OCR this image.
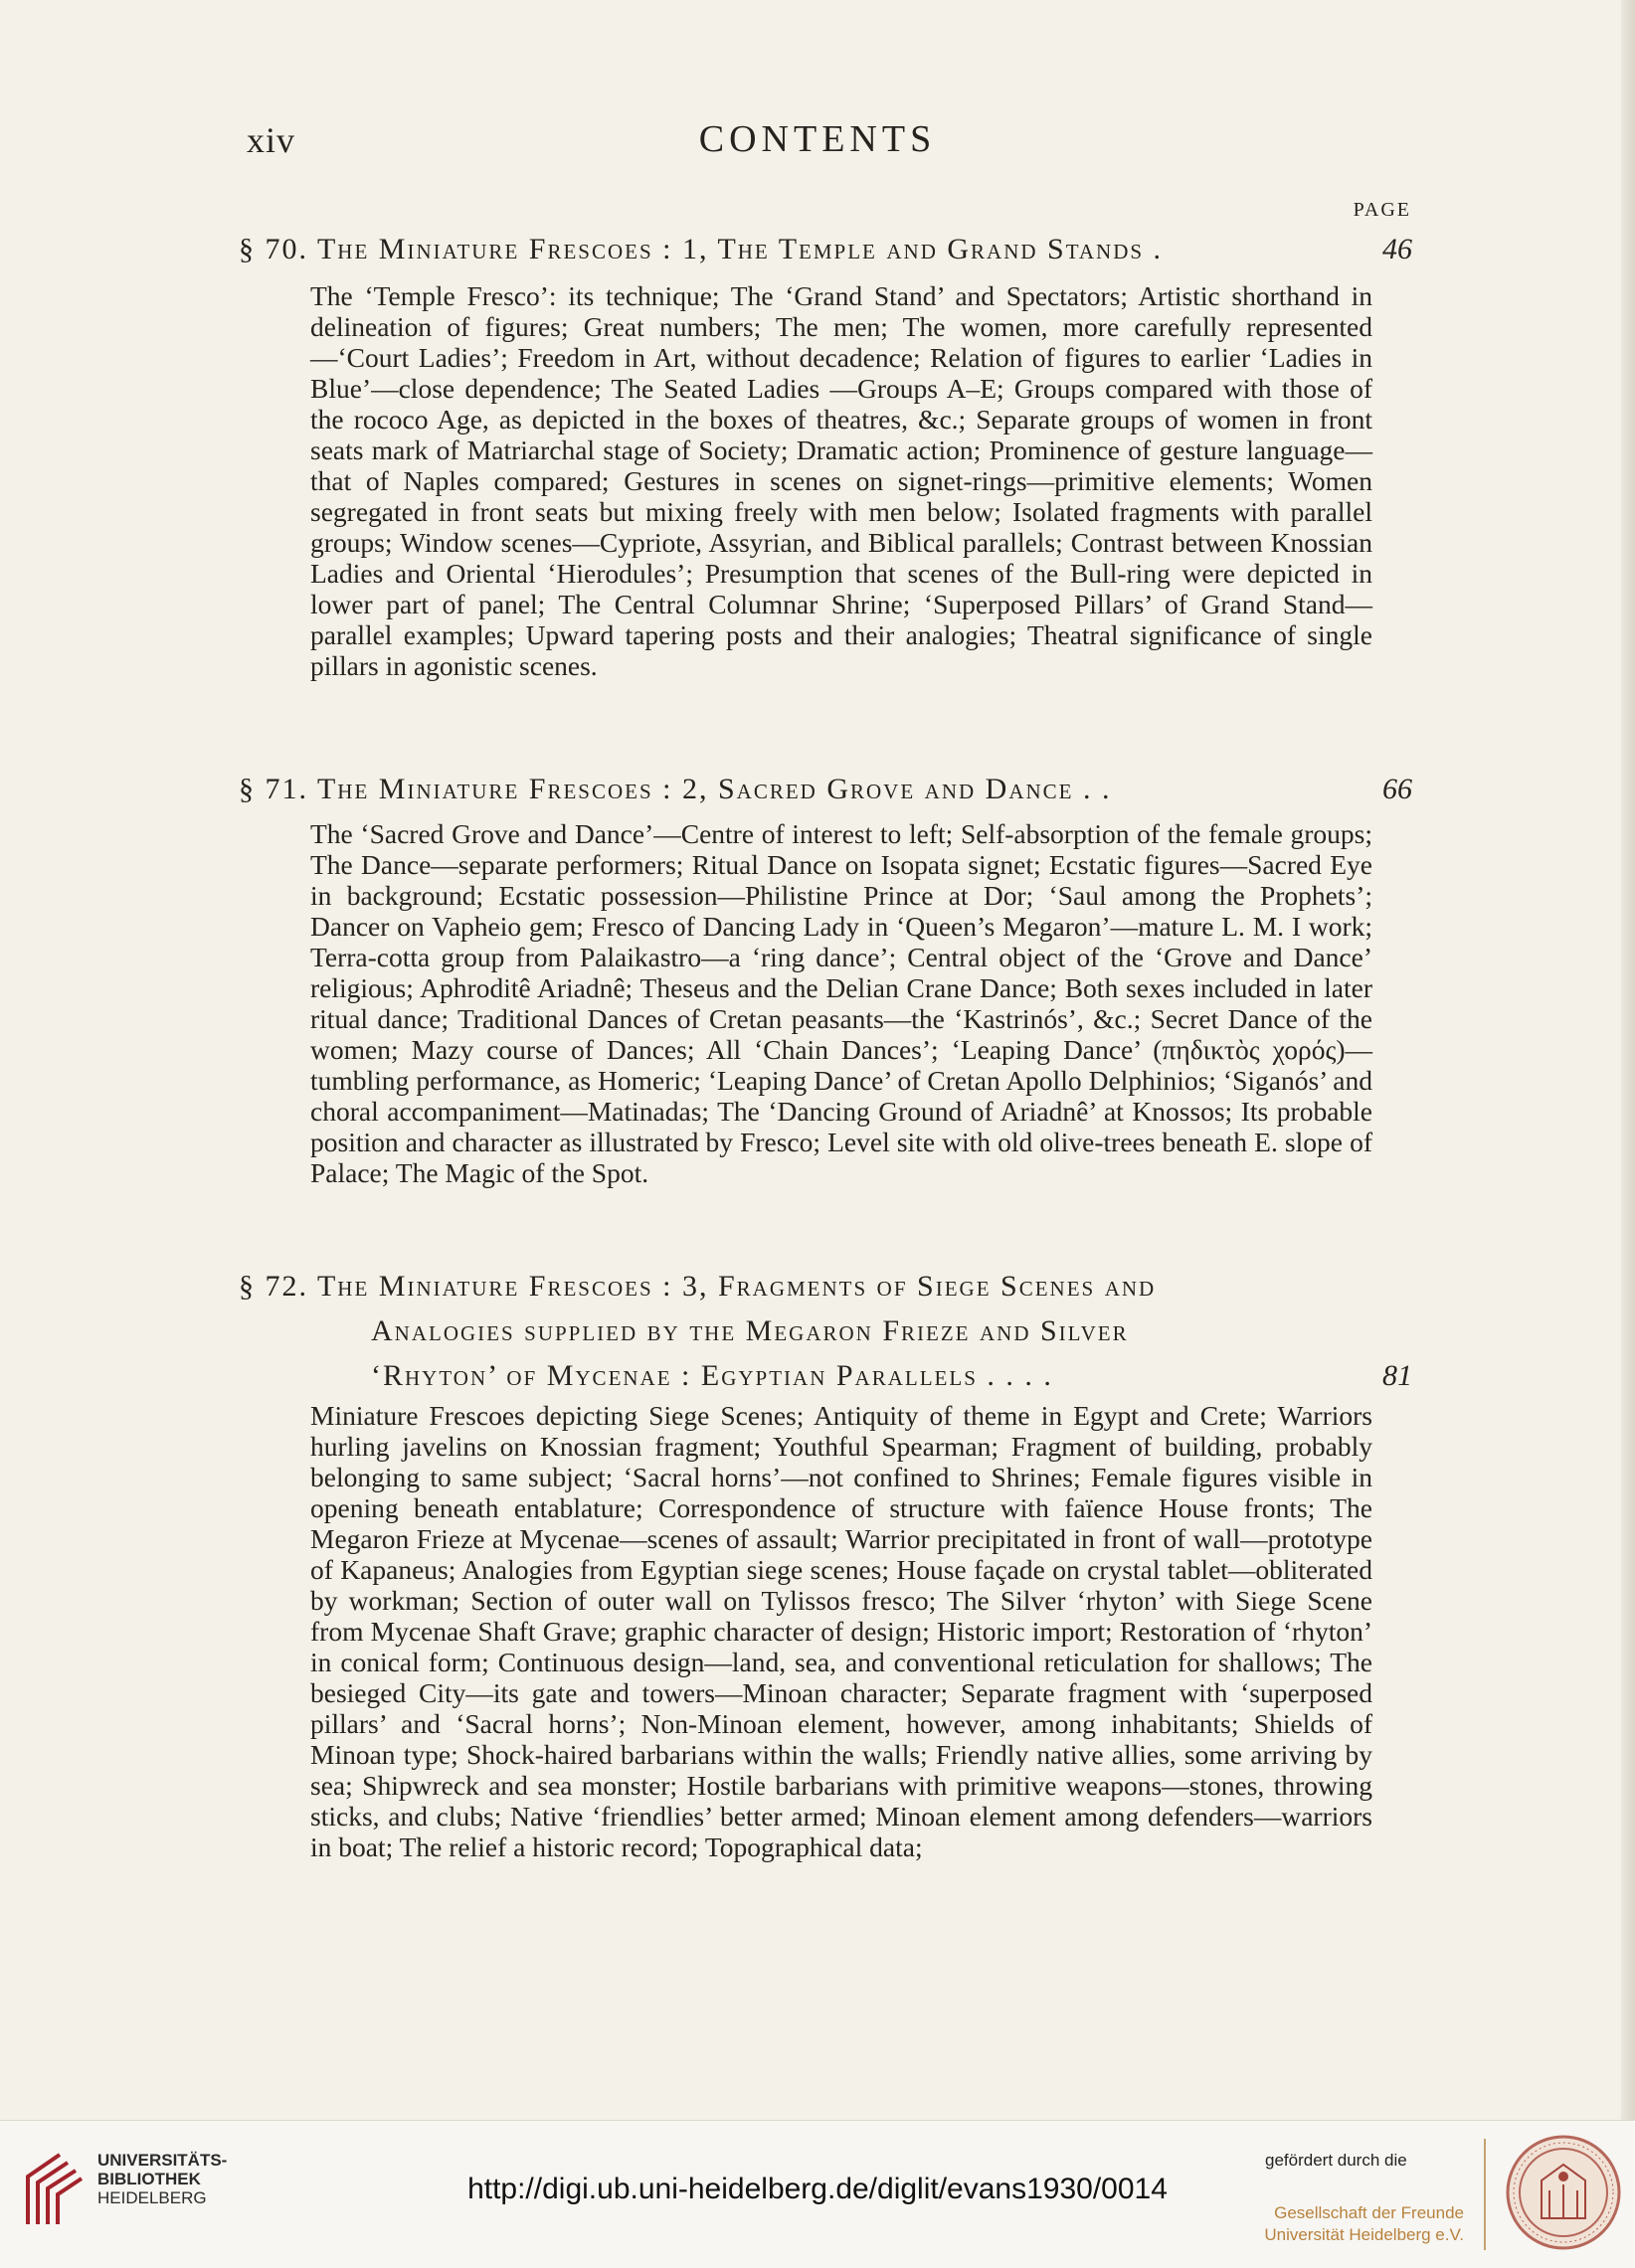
xiv	CONTENTS
PAGE
§ 70. The Miniature Frescoes : 1, The Temple and Grand Stands .	46
The ‘Temple Fresco’: its technique; The ‘Grand Stand’ and Spectators; Artistic shorthand in delineation of figures; Great numbers; The men; The women, more carefully represented—‘Court Ladies’; Freedom in Art, without decadence; Relation of figures to earlier ‘Ladies in Blue’—close dependence; The Seated Ladies —Groups A–E; Groups compared with those of the rococo Age, as depicted in the boxes of theatres, &c.; Separate groups of women in front seats mark of Matriarchal stage of Society; Dramatic action; Prominence of gesture language—that of Naples compared; Gestures in scenes on signet-rings—primitive elements; Women segregated in front seats but mixing freely with men below; Isolated fragments with parallel groups; Window scenes—Cypriote, Assyrian, and Biblical parallels; Contrast between Knossian Ladies and Oriental ‘Hierodules’; Presumption that scenes of the Bull-ring were depicted in lower part of panel; The Central Columnar Shrine; ‘Superposed Pillars’ of Grand Stand—parallel examples; Upward tapering posts and their analogies; Theatral significance of single pillars in agonistic scenes.
§ 71. The Miniature Frescoes : 2, Sacred Grove and Dance . .	66
The ‘Sacred Grove and Dance’—Centre of interest to left; Self-absorption of the female groups; The Dance—separate performers; Ritual Dance on Isopata signet; Ecstatic figures—Sacred Eye in background; Ecstatic possession—Philistine Prince at Dor; ‘Saul among the Prophets’; Dancer on Vapheio gem; Fresco of Dancing Lady in ‘Queen’s Megaron’—mature L. M. I work; Terra-cotta group from Palaikastro—a ‘ring dance’; Central object of the ‘Grove and Dance’ religious; Aphroditê Ariadnê; Theseus and the Delian Crane Dance; Both sexes included in later ritual dance; Traditional Dances of Cretan peasants—the ‘Kastrinós’, &c.; Secret Dance of the women; Mazy course of Dances; All ‘Chain Dances’; ‘Leaping Dance’ (πηδικτὸς χορός)—tumbling performance, as Homeric; ‘Leaping Dance’ of Cretan Apollo Delphinios; ‘Siganós’ and choral accompaniment—Matinadas; The ‘Dancing Ground of Ariadnê’ at Knossos; Its probable position and character as illustrated by Fresco; Level site with old olive-trees beneath E. slope of Palace; The Magic of the Spot.
§ 72. The Miniature Frescoes : 3, Fragments of Siege Scenes and
Analogies supplied by the Megaron Frieze and Silver
‘Rhyton’ of Mycenae : Egyptian Parallels . . . .	81
Miniature Frescoes depicting Siege Scenes; Antiquity of theme in Egypt and Crete; Warriors hurling javelins on Knossian fragment; Youthful Spearman; Fragment of building, probably belonging to same subject; ‘Sacral horns’—not confined to Shrines; Female figures visible in opening beneath entablature; Correspondence of structure with faïence House fronts; The Megaron Frieze at Mycenae—scenes of assault; Warrior precipitated in front of wall—prototype of Kapaneus; Analogies from Egyptian siege scenes; House façade on crystal tablet—obliterated by workman; Section of outer wall on Tylissos fresco; The Silver ‘rhyton’ with Siege Scene from Mycenae Shaft Grave; graphic character of design; Historic import; Restoration of ‘rhyton’ in conical form; Continuous design—land, sea, and conventional reticulation for shallows; The besieged City—its gate and towers—Minoan character; Separate fragment with ‘superposed pillars’ and ‘Sacral horns’; Non-Minoan element, however, among inhabitants; Shields of Minoan type; Shock-haired barbarians within the walls; Friendly native allies, some arriving by sea; Shipwreck and sea monster; Hostile barbarians with primitive weapons—stones, throwing sticks, and clubs; Native ‘friendlies’ better armed; Minoan element among defenders—warriors in boat; The relief a historic record; Topographical data;
UNIVERSITÄTS-
BIBLIOTHEK
HEIDELBERG	http://digi.ub.uni-heidelberg.de/diglit/evans1930/0014
gefördert durch die
Gesellschaft der Freunde
Universität Heidelberg e.V.
